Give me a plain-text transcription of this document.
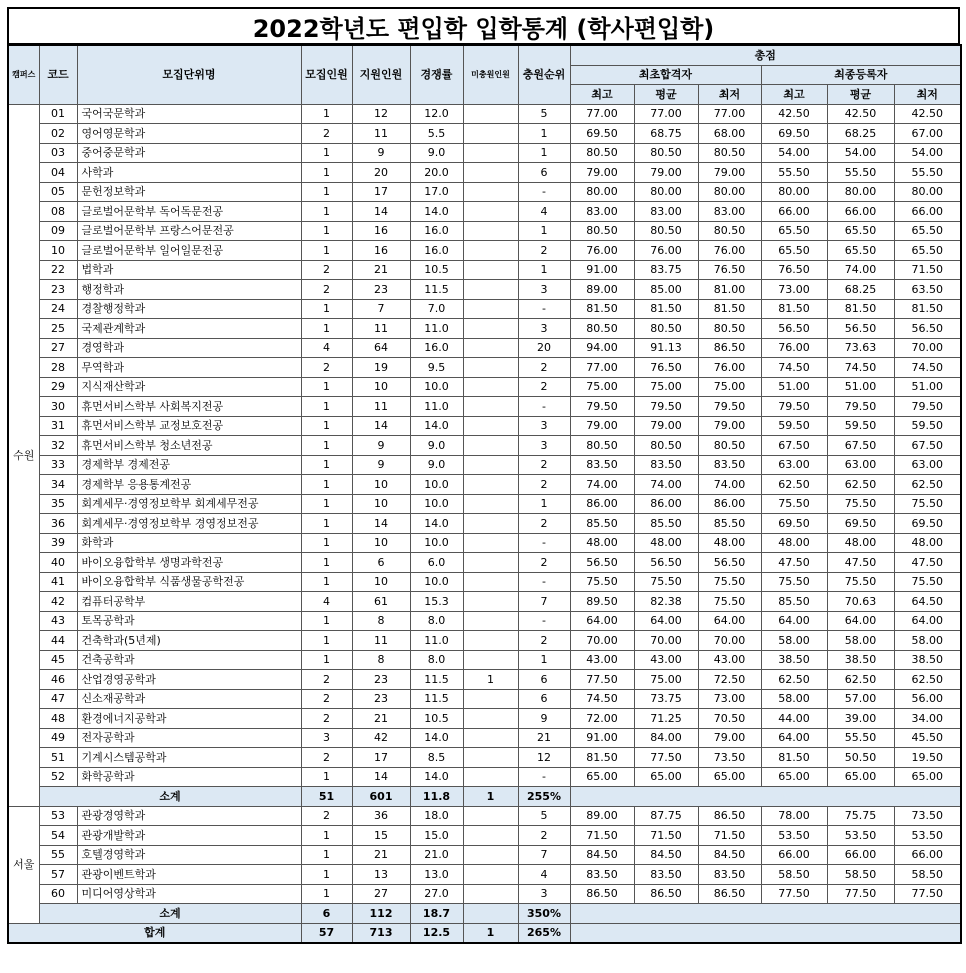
2022학년도 편입학 입학통계 (학사편입학)
캠퍼스	코드	모집단위명	모집인원	지원인원	경쟁률	미충원인원	충원순위	총점					
								최초합격자			최종등록자		
								최고	평균	최저	최고	평균	최저
수원	01	국어국문학과	1	12	12.0		5	77.00	77.00	77.00	42.50	42.50	42.50
	02	영어영문학과	2	11	5.5		1	69.50	68.75	68.00	69.50	68.25	67.00
	03	중어중문학과	1	9	9.0		1	80.50	80.50	80.50	54.00	54.00	54.00
	04	사학과	1	20	20.0		6	79.00	79.00	79.00	55.50	55.50	55.50
	05	문헌정보학과	1	17	17.0		-	80.00	80.00	80.00	80.00	80.00	80.00
	08	글로벌어문학부 독어독문전공	1	14	14.0		4	83.00	83.00	83.00	66.00	66.00	66.00
	09	글로벌어문학부 프랑스어문전공	1	16	16.0		1	80.50	80.50	80.50	65.50	65.50	65.50
	10	글로벌어문학부 일어일문전공	1	16	16.0		2	76.00	76.00	76.00	65.50	65.50	65.50
	22	법학과	2	21	10.5		1	91.00	83.75	76.50	76.50	74.00	71.50
	23	행정학과	2	23	11.5		3	89.00	85.00	81.00	73.00	68.25	63.50
	24	경찰행정학과	1	7	7.0		-	81.50	81.50	81.50	81.50	81.50	81.50
	25	국제관계학과	1	11	11.0		3	80.50	80.50	80.50	56.50	56.50	56.50
	27	경영학과	4	64	16.0		20	94.00	91.13	86.50	76.00	73.63	70.00
	28	무역학과	2	19	9.5		2	77.00	76.50	76.00	74.50	74.50	74.50
	29	지식재산학과	1	10	10.0		2	75.00	75.00	75.00	51.00	51.00	51.00
	30	휴먼서비스학부 사회복지전공	1	11	11.0		-	79.50	79.50	79.50	79.50	79.50	79.50
	31	휴먼서비스학부 교정보호전공	1	14	14.0		3	79.00	79.00	79.00	59.50	59.50	59.50
	32	휴먼서비스학부 청소년전공	1	9	9.0		3	80.50	80.50	80.50	67.50	67.50	67.50
	33	경제학부 경제전공	1	9	9.0		2	83.50	83.50	83.50	63.00	63.00	63.00
	34	경제학부 응용통계전공	1	10	10.0		2	74.00	74.00	74.00	62.50	62.50	62.50
	35	회계세무·경영정보학부 회계세무전공	1	10	10.0		1	86.00	86.00	86.00	75.50	75.50	75.50
	36	회계세무·경영정보학부 경영정보전공	1	14	14.0		2	85.50	85.50	85.50	69.50	69.50	69.50
	39	화학과	1	10	10.0		-	48.00	48.00	48.00	48.00	48.00	48.00
	40	바이오융합학부 생명과학전공	1	6	6.0		2	56.50	56.50	56.50	47.50	47.50	47.50
	41	바이오융합학부 식품생물공학전공	1	10	10.0		-	75.50	75.50	75.50	75.50	75.50	75.50
	42	컴퓨터공학부	4	61	15.3		7	89.50	82.38	75.50	85.50	70.63	64.50
	43	토목공학과	1	8	8.0		-	64.00	64.00	64.00	64.00	64.00	64.00
	44	건축학과(5년제)	1	11	11.0		2	70.00	70.00	70.00	58.00	58.00	58.00
	45	건축공학과	1	8	8.0		1	43.00	43.00	43.00	38.50	38.50	38.50
	46	산업경영공학과	2	23	11.5	1	6	77.50	75.00	72.50	62.50	62.50	62.50
	47	신소재공학과	2	23	11.5		6	74.50	73.75	73.00	58.00	57.00	56.00
	48	환경에너지공학과	2	21	10.5		9	72.00	71.25	70.50	44.00	39.00	34.00
	49	전자공학과	3	42	14.0		21	91.00	84.00	79.00	64.00	55.50	45.50
	51	기계시스템공학과	2	17	8.5		12	81.50	77.50	73.50	81.50	50.50	19.50
	52	화학공학과	1	14	14.0		-	65.00	65.00	65.00	65.00	65.00	65.00
	소계		51	601	11.8	1	255%						
서울	53	관광경영학과	2	36	18.0		5	89.00	87.75	86.50	78.00	75.75	73.50
	54	관광개발학과	1	15	15.0		2	71.50	71.50	71.50	53.50	53.50	53.50
	55	호텔경영학과	1	21	21.0		7	84.50	84.50	84.50	66.00	66.00	66.00
	57	관광이벤트학과	1	13	13.0		4	83.50	83.50	83.50	58.50	58.50	58.50
	60	미디어영상학과	1	27	27.0		3	86.50	86.50	86.50	77.50	77.50	77.50
	소계		6	112	18.7		350%						
합계			57	713	12.5	1	265%						
